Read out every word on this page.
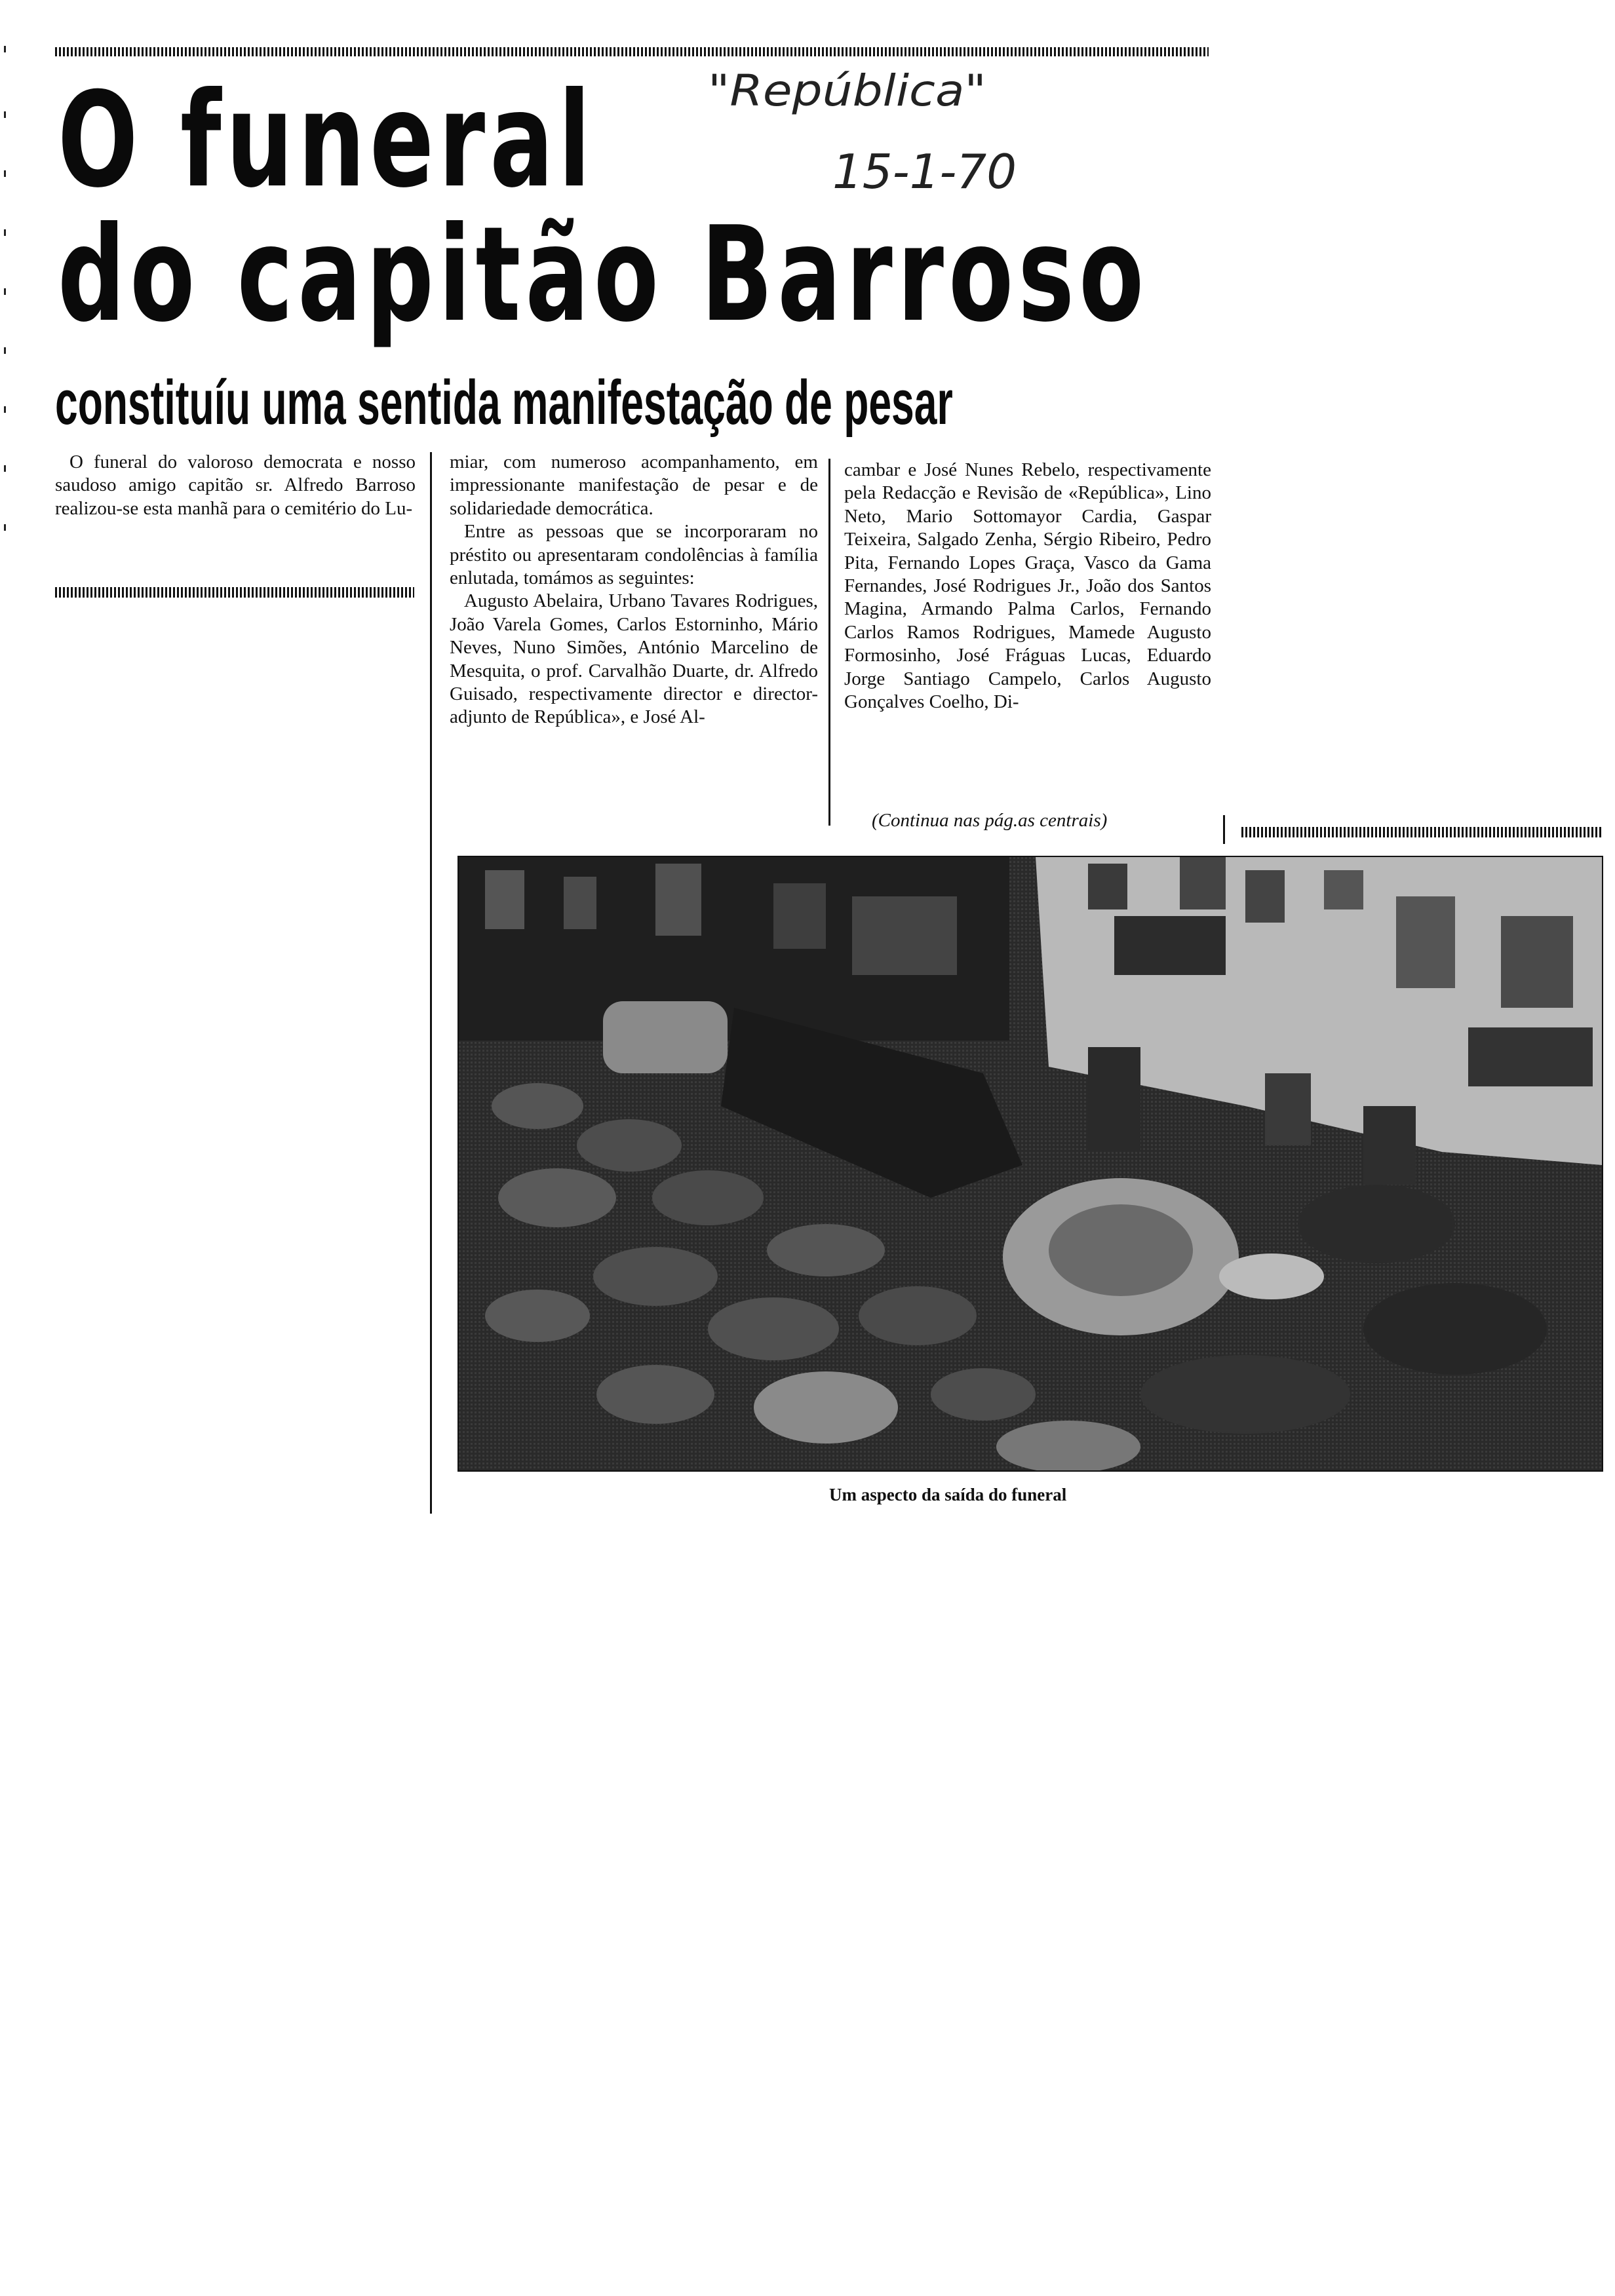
"República"
15-1-70
O funeral
do capitão Barroso
constituíu uma sentida manifestação de pesar

O funeral do valoroso democrata e nosso saudoso amigo capitão sr. Alfredo Barroso realizou-se esta manhã para o cemitério do Lu-

miar, com numeroso acompanhamento, em impressionante manifestação de pesar e de solidariedade democrática.

Entre as pessoas que se incorporaram no préstito ou apresentaram condolências à família enlutada, tomámos as seguintes:

Augusto Abelaira, Urbano Tavares Rodrigues, João Varela Gomes, Carlos Estorninho, Mário Neves, Nuno Simões, António Marcelino de Mesquita, o prof. Carvalhão Duarte, dr. Alfredo Guisado, respectivamente director e director-adjunto de República», e José Al-

cambar e José Nunes Rebelo, respectivamente pela Redacção e Revisão de «República», Lino Neto, Mario Sottomayor Cardia, Gaspar Teixeira, Salgado Zenha, Sérgio Ribeiro, Pedro Pita, Fernando Lopes Graça, Vasco da Gama Fernandes, José Rodrigues Jr., João dos Santos Magina, Armando Palma Carlos, Fernando Carlos Ramos Rodrigues, Mamede Augusto Formosinho, José Fráguas Lucas, Eduardo Jorge Santiago Campelo, Carlos Augusto Gonçalves Coelho, Di-

(Continua nas pág.as centrais)
Um aspecto da saída do funeral
